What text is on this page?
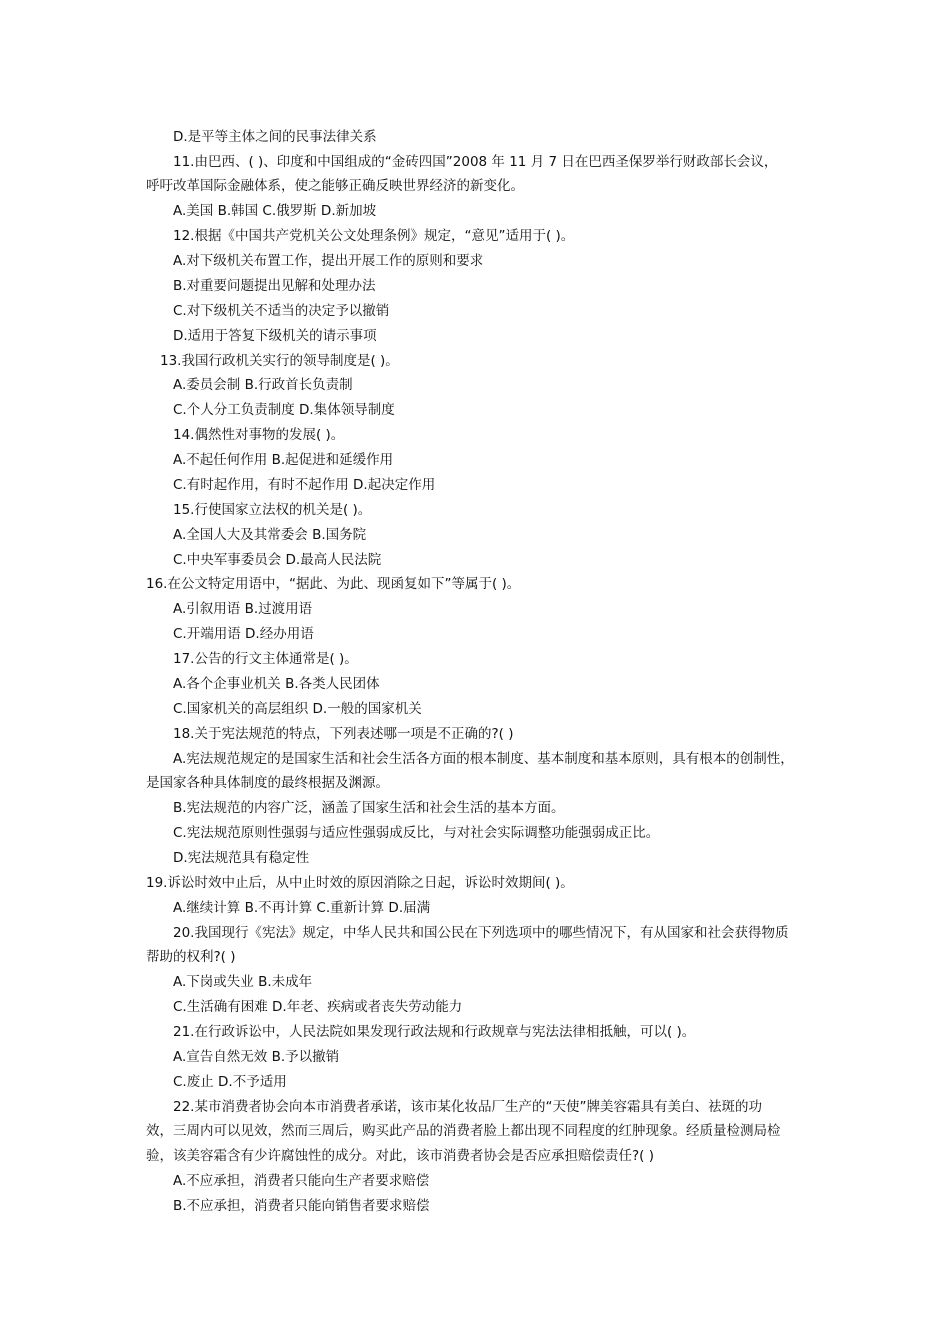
D.是平等主体之间的民事法律关系
11.由巴西、( )、印度和中国组成的“金砖四国”2008 年 11 月 7 日在巴西圣保罗举行财政部长会议，
呼吁改革国际金融体系，使之能够正确反映世界经济的新变化。
A.美国 B.韩国 C.俄罗斯 D.新加坡
12.根据《中国共产党机关公文处理条例》规定，“意见”适用于( )。
A.对下级机关布置工作，提出开展工作的原则和要求
B.对重要问题提出见解和处理办法
C.对下级机关不适当的决定予以撤销
D.适用于答复下级机关的请示事项
13.我国行政机关实行的领导制度是( )。
A.委员会制 B.行政首长负责制
C.个人分工负责制度 D.集体领导制度
14.偶然性对事物的发展( )。
A.不起任何作用 B.起促进和延缓作用
C.有时起作用，有时不起作用 D.起决定作用
15.行使国家立法权的机关是( )。
A.全国人大及其常委会 B.国务院
C.中央军事委员会 D.最高人民法院
16.在公文特定用语中，“据此、为此、现函复如下”等属于( )。
A.引叙用语 B.过渡用语
C.开端用语 D.经办用语
17.公告的行文主体通常是( )。
A.各个企事业机关 B.各类人民团体
C.国家机关的高层组织 D.一般的国家机关
18.关于宪法规范的特点，下列表述哪一项是不正确的?( )
A.宪法规范规定的是国家生活和社会生活各方面的根本制度、基本制度和基本原则，具有根本的创制性，
是国家各种具体制度的最终根据及渊源。
B.宪法规范的内容广泛，涵盖了国家生活和社会生活的基本方面。
C.宪法规范原则性强弱与适应性强弱成反比，与对社会实际调整功能强弱成正比。
D.宪法规范具有稳定性
19.诉讼时效中止后，从中止时效的原因消除之日起，诉讼时效期间( )。
A.继续计算 B.不再计算 C.重新计算 D.届满
20.我国现行《宪法》规定，中华人民共和国公民在下列选项中的哪些情况下，有从国家和社会获得物质
帮助的权利?( )
A.下岗或失业 B.未成年
C.生活确有困难 D.年老、疾病或者丧失劳动能力
21.在行政诉讼中，人民法院如果发现行政法规和行政规章与宪法法律相抵触，可以( )。
A.宣告自然无效 B.予以撤销
C.废止 D.不予适用
22.某市消费者协会向本市消费者承诺，该市某化妆品厂生产的“天使”牌美容霜具有美白、祛斑的功
效，三周内可以见效，然而三周后，购买此产品的消费者脸上都出现不同程度的红肿现象。经质量检测局检
验，该美容霜含有少许腐蚀性的成分。对此，该市消费者协会是否应承担赔偿责任?( )
A.不应承担，消费者只能向生产者要求赔偿
B.不应承担，消费者只能向销售者要求赔偿
